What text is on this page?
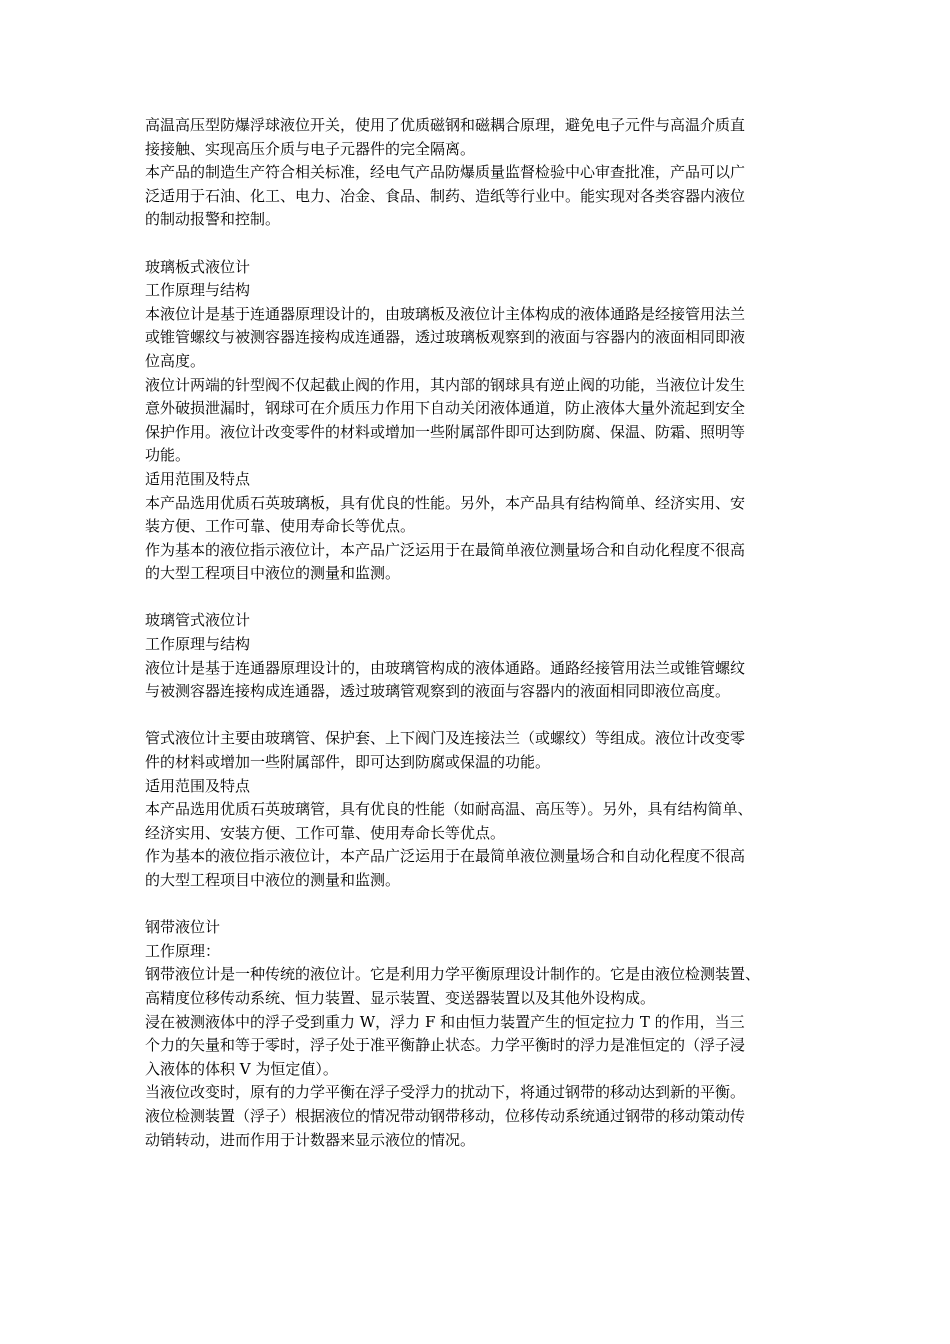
高温高压型防爆浮球液位开关，使用了优质磁钢和磁耦合原理，避免电子元件与高温介质直
接接触、实现高压介质与电子元器件的完全隔离。
本产品的制造生产符合相关标准，经电气产品防爆质量监督检验中心审查批准，产品可以广
泛适用于石油、化工、电力、冶金、食品、制药、造纸等行业中。能实现对各类容器内液位
的制动报警和控制。
玻璃板式液位计
工作原理与结构
本液位计是基于连通器原理设计的，由玻璃板及液位计主体构成的液体通路是经接管用法兰
或锥管螺纹与被测容器连接构成连通器，透过玻璃板观察到的液面与容器内的液面相同即液
位高度。
液位计两端的针型阀不仅起截止阀的作用，其内部的钢球具有逆止阀的功能，当液位计发生
意外破损泄漏时，钢球可在介质压力作用下自动关闭液体通道，防止液体大量外流起到安全
保护作用。液位计改变零件的材料或增加一些附属部件即可达到防腐、保温、防霜、照明等
功能。
适用范围及特点
本产品选用优质石英玻璃板，具有优良的性能。另外，本产品具有结构简单、经济实用、安
装方便、工作可靠、使用寿命长等优点。
作为基本的液位指示液位计，本产品广泛运用于在最简单液位测量场合和自动化程度不很高
的大型工程项目中液位的测量和监测。
玻璃管式液位计
工作原理与结构
液位计是基于连通器原理设计的，由玻璃管构成的液体通路。通路经接管用法兰或锥管螺纹
与被测容器连接构成连通器，透过玻璃管观察到的液面与容器内的液面相同即液位高度。
管式液位计主要由玻璃管、保护套、上下阀门及连接法兰（或螺纹）等组成。液位计改变零
件的材料或增加一些附属部件，即可达到防腐或保温的功能。
适用范围及特点
本产品选用优质石英玻璃管，具有优良的性能（如耐高温、高压等）。另外，具有结构简单、
经济实用、安装方便、工作可靠、使用寿命长等优点。
作为基本的液位指示液位计，本产品广泛运用于在最简单液位测量场合和自动化程度不很高
的大型工程项目中液位的测量和监测。
钢带液位计
工作原理：
钢带液位计是一种传统的液位计。它是利用力学平衡原理设计制作的。它是由液位检测装置、
高精度位移传动系统、恒力装置、显示装置、变送器装置以及其他外设构成。
浸在被测液体中的浮子受到重力 W，浮力 F 和由恒力装置产生的恒定拉力 T 的作用，当三
个力的矢量和等于零时，浮子处于准平衡静止状态。力学平衡时的浮力是准恒定的（浮子浸
入液体的体积 V 为恒定值）。
当液位改变时，原有的力学平衡在浮子受浮力的扰动下，将通过钢带的移动达到新的平衡。
液位检测装置（浮子）根据液位的情况带动钢带移动，位移传动系统通过钢带的移动策动传
动销转动，进而作用于计数器来显示液位的情况。
